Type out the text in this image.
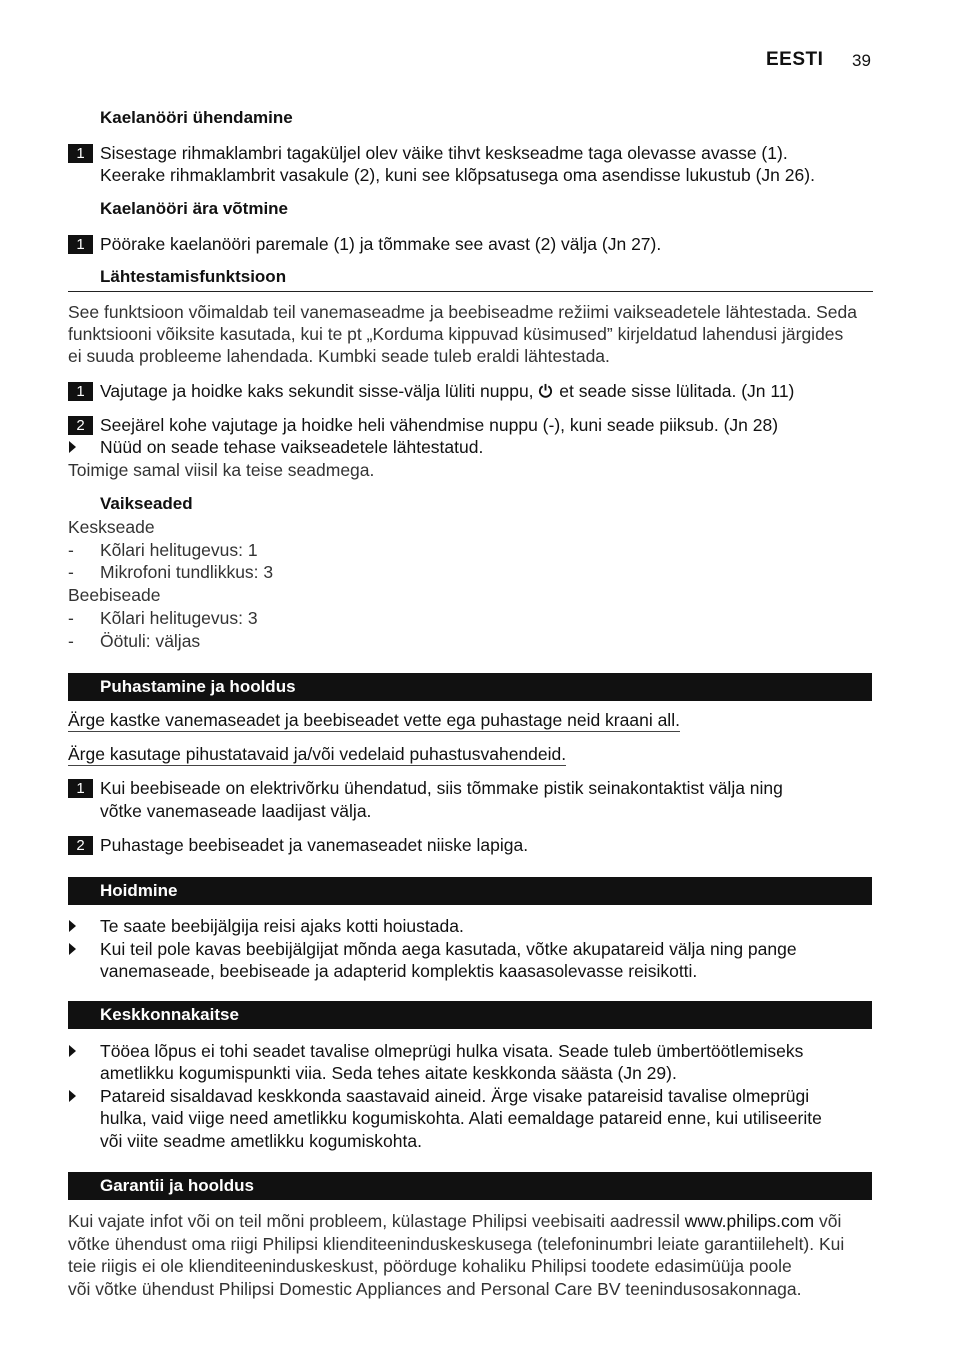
EESTI 39
Kaelanööri ühendamine
1 Sisestage rihmaklambri tagaküljel olev väike tihvt keskseadme taga olevasse avasse (1).
Keerake rihmaklambrit vasakule (2), kuni see klõpsatusega oma asendisse lukustub (Jn 26).
Kaelanööri ära võtmine
1 Pöörake kaelanööri paremale (1) ja tõmmake see avast (2) välja (Jn 27).
Lähtestamisfunktsioon
See funktsioon võimaldab teil vanemaseadme ja beebiseadme režiimi vaikseadetele lähtestada. Seda
funktsiooni võiksite kasutada, kui te pt „Korduma kippuvad küsimused” kirjeldatud lahendusi järgides
ei suuda probleeme lahendada. Kumbki seade tuleb eraldi lähtestada.
1 Vajutage ja hoidke kaks sekundit sisse-välja lüliti nuppu, et seade sisse lülitada. (Jn 11)
2 Seejärel kohe vajutage ja hoidke heli vähendmise nuppu (-), kuni seade piiksub. (Jn 28)
Nüüd on seade tehase vaikseadetele lähtestatud.
Toimige samal viisil ka teise seadmega.
Vaikseaded
Keskseade
- Kõlari helitugevus: 1
- Mikrofoni tundlikkus: 3
Beebiseade
- Kõlari helitugevus: 3
- Öötuli: väljas
Puhastamine ja hooldus
Ärge kastke vanemaseadet ja beebiseadet vette ega puhastage neid kraani all.
Ärge kasutage pihustatavaid ja/või vedelaid puhastusvahendeid.
1 Kui beebiseade on elektrivõrku ühendatud, siis tõmmake pistik seinakontaktist välja ning
võtke vanemaseade laadijast välja.
2 Puhastage beebiseadet ja vanemaseadet niiske lapiga.
Hoidmine
Te saate beebijälgija reisi ajaks kotti hoiustada.
Kui teil pole kavas beebijälgijat mõnda aega kasutada, võtke akupatareid välja ning pange
vanemaseade, beebiseade ja adapterid komplektis kaasasolevasse reisikotti.
Keskkonnakaitse
Tööea lõpus ei tohi seadet tavalise olmeprügi hulka visata. Seade tuleb ümbertöötlemiseks
ametlikku kogumispunkti viia. Seda tehes aitate keskkonda säästa (Jn 29).
Patareid sisaldavad keskkonda saastavaid aineid. Ärge visake patareisid tavalise olmeprügi
hulka, vaid viige need ametlikku kogumiskohta. Alati eemaldage patareid enne, kui utiliseerite
või viite seadme ametlikku kogumiskohta.
Garantii ja hooldus
Kui vajate infot või on teil mõni probleem, külastage Philipsi veebisaiti aadressil www.philips.com või
võtke ühendust oma riigi Philipsi klienditeeninduskeskusega (telefoninumbri leiate garantiilehelt). Kui
teie riigis ei ole klienditeeninduskeskust, pöörduge kohaliku Philipsi toodete edasimüüja poole
või võtke ühendust Philipsi Domestic Appliances and Personal Care BV teenindusosakonnaga.
